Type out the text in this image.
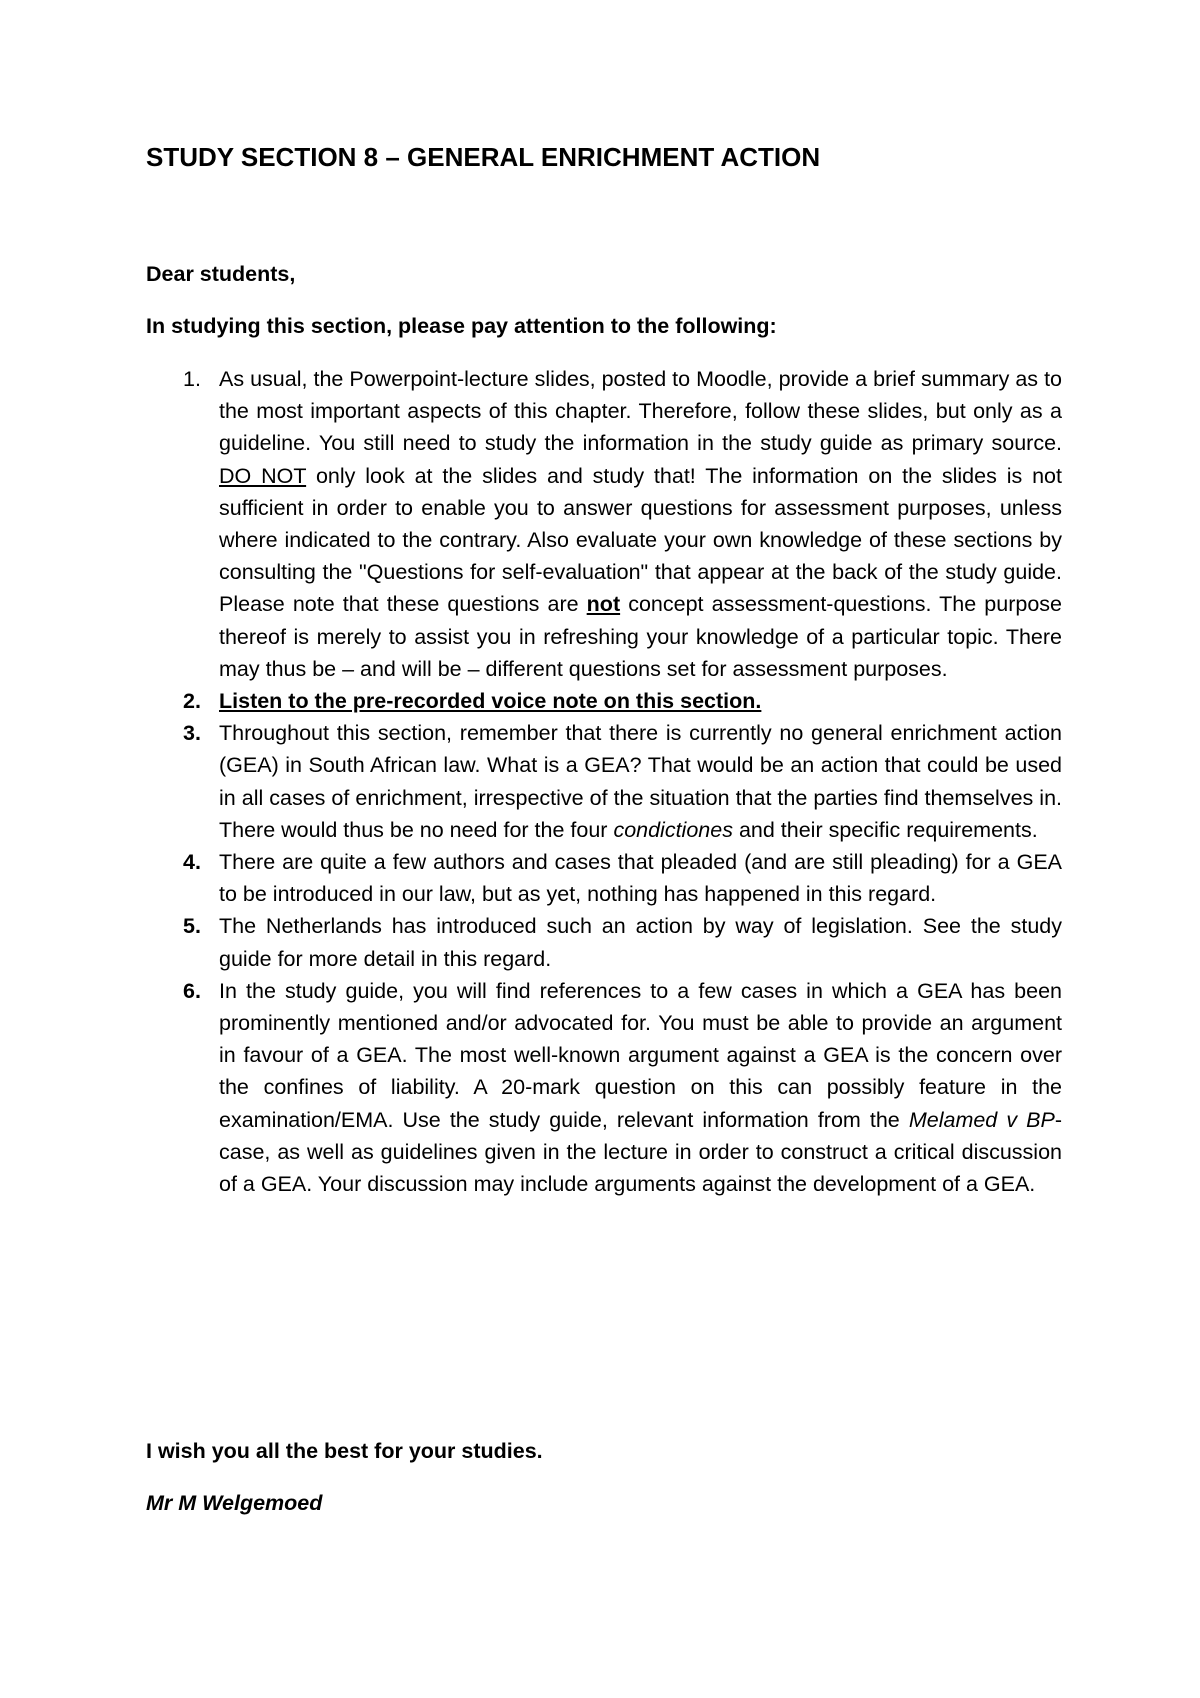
STUDY SECTION 8 – GENERAL ENRICHMENT ACTION

Dear students,

In studying this section, please pay attention to the following:

1. As usual, the Powerpoint-lecture slides, posted to Moodle, provide a brief summary as to the most important aspects of this chapter. Therefore, follow these slides, but only as a guideline. You still need to study the information in the study guide as primary source. DO NOT only look at the slides and study that! The information on the slides is not sufficient in order to enable you to answer questions for assessment purposes, unless where indicated to the contrary. Also evaluate your own knowledge of these sections by consulting the "Questions for self-evaluation" that appear at the back of the study guide. Please note that these questions are not concept assessment-questions. The purpose thereof is merely to assist you in refreshing your knowledge of a particular topic. There may thus be – and will be – different questions set for assessment purposes.
2. Listen to the pre-recorded voice note on this section.
3. Throughout this section, remember that there is currently no general enrichment action (GEA) in South African law. What is a GEA? That would be an action that could be used in all cases of enrichment, irrespective of the situation that the parties find themselves in. There would thus be no need for the four condictiones and their specific requirements.
4. There are quite a few authors and cases that pleaded (and are still pleading) for a GEA to be introduced in our law, but as yet, nothing has happened in this regard.
5. The Netherlands has introduced such an action by way of legislation. See the study guide for more detail in this regard.
6. In the study guide, you will find references to a few cases in which a GEA has been prominently mentioned and/or advocated for. You must be able to provide an argument in favour of a GEA. The most well-known argument against a GEA is the concern over the confines of liability. A 20-mark question on this can possibly feature in the examination/EMA. Use the study guide, relevant information from the Melamed v BP-case, as well as guidelines given in the lecture in order to construct a critical discussion of a GEA. Your discussion may include arguments against the development of a GEA.

I wish you all the best for your studies.

Mr M Welgemoed
